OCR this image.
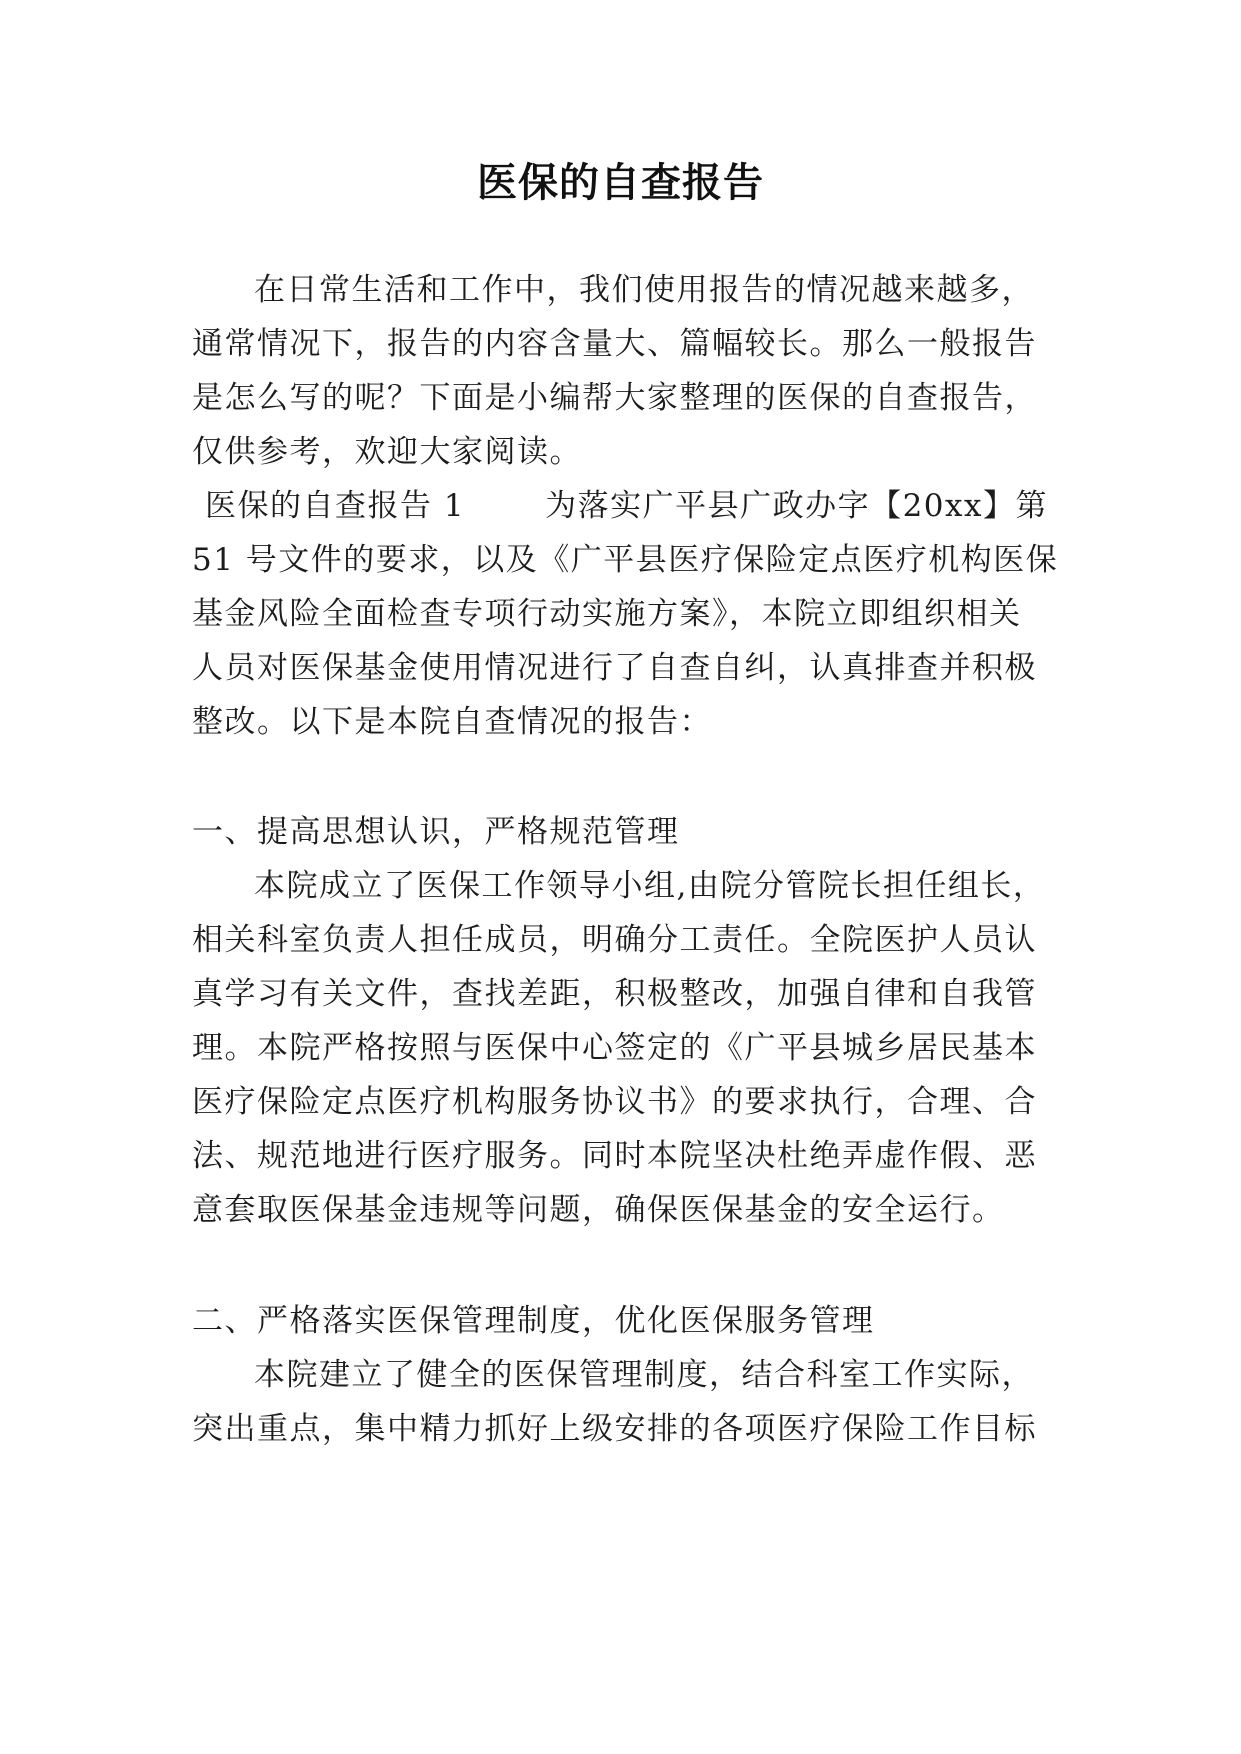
医保的自查报告
在日常生活和工作中，我们使用报告的情况越来越多，
通常情况下，报告的内容含量大、篇幅较长。那么一般报告
是怎么写的呢？下面是小编帮大家整理的医保的自查报告，
仅供参考，欢迎大家阅读。
医保的自查报告 1	为落实广平县广政办字【20xx】第
51 号文件的要求，以及《广平县医疗保险定点医疗机构医保
基金风险全面检查专项行动实施方案》，本院立即组织相关
人员对医保基金使用情况进行了自查自纠，认真排查并积极
整改。以下是本院自查情况的报告：
一、提高思想认识，严格规范管理
本院成立了医保工作领导小组,由院分管院长担任组长，
相关科室负责人担任成员，明确分工责任。全院医护人员认
真学习有关文件，查找差距，积极整改，加强自律和自我管
理。本院严格按照与医保中心签定的《广平县城乡居民基本
医疗保险定点医疗机构服务协议书》的要求执行，合理、合
法、规范地进行医疗服务。同时本院坚决杜绝弄虚作假、恶
意套取医保基金违规等问题，确保医保基金的安全运行。
二、严格落实医保管理制度，优化医保服务管理
本院建立了健全的医保管理制度，结合科室工作实际，
突出重点，集中精力抓好上级安排的各项医疗保险工作目标
